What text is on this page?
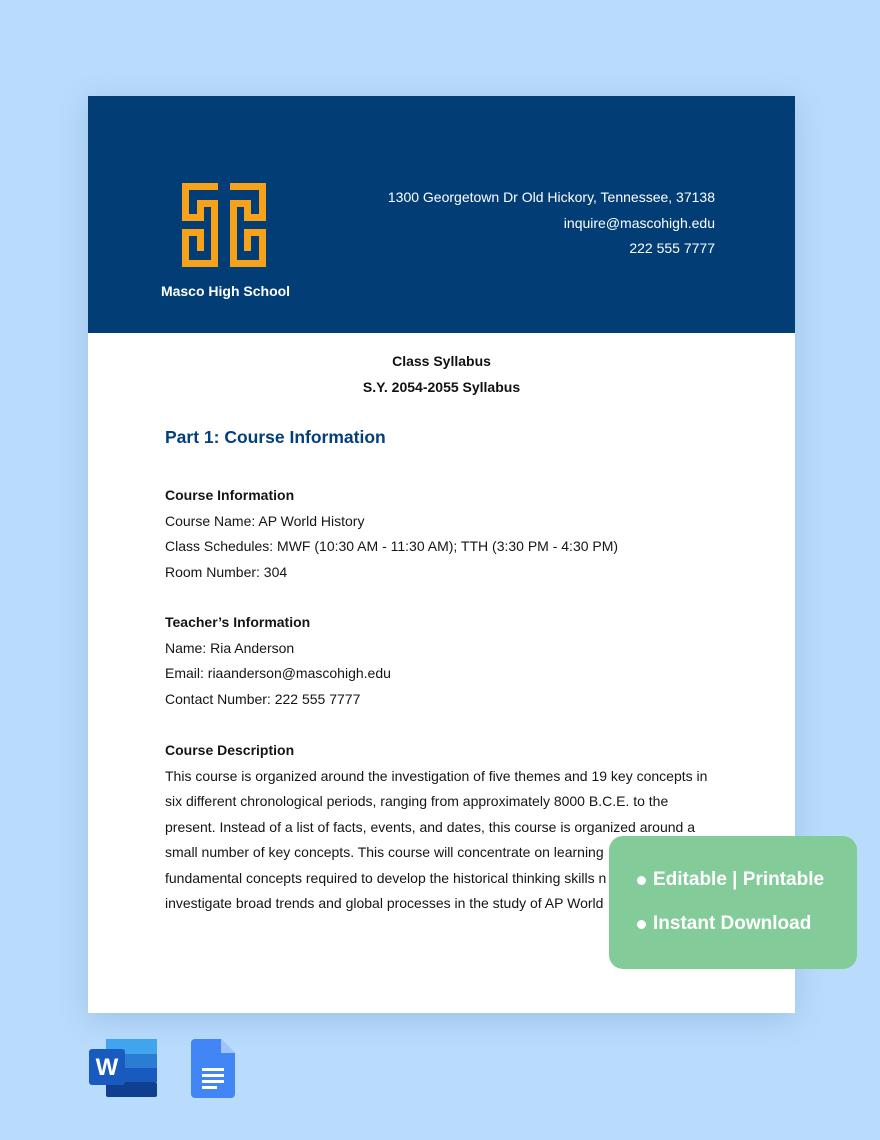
Masco High School
1300 Georgetown Dr Old Hickory, Tennessee, 37138
inquire@mascohigh.edu
222 555 7777
Class Syllabus
S.Y. 2054-2055 Syllabus
Part 1: Course Information
Course Information
Course Name: AP World History
Class Schedules: MWF (10:30 AM - 11:30 AM); TTH (3:30 PM - 4:30 PM)
Room Number: 304
Teacher’s Information
Name: Ria Anderson
Email: riaanderson@mascohigh.edu
Contact Number: 222 555 7777
Course Description
This course is organized around the investigation of five themes and 19 key concepts in
six different chronological periods, ranging from approximately 8000 B.C.E. to the
present. Instead of a list of facts, events, and dates, this course is organized around a
small number of key concepts. This course will concentrate on learning
fundamental concepts required to develop the historical thinking skills n
investigate broad trends and global processes in the study of AP World
Editable | Printable
Instant Download
W
